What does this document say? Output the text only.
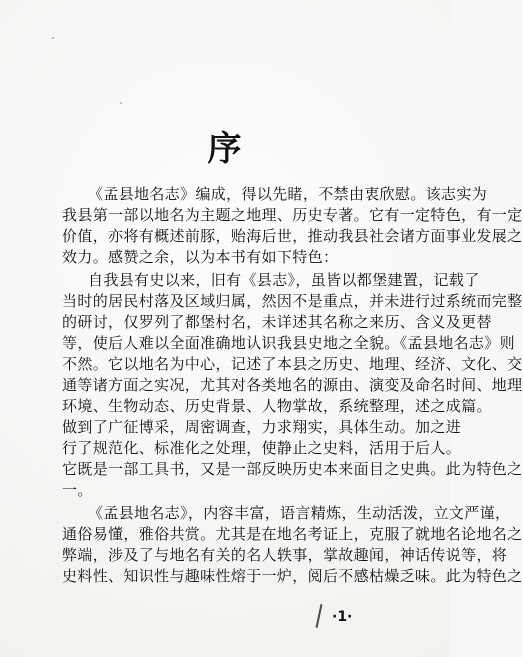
序
《孟县地名志》编成，得以先睹，不禁由衷欣慰。该志实为
我县第一部以地名为主题之地理、历史专著。它有一定特色，有一定
价值，亦将有概述前豚，贻海后世，推动我县社会诸方面事业发展之
效力。感赞之余，以为本书有如下特色：
自我县有史以来，旧有《县志》，虽皆以都堡建置，记载了
当时的居民村落及区域归属，然因不是重点，并未进行过系统而完整
的研讨，仅罗列了都堡村名，未详述其名称之来历、含义及更替
等，使后人难以全面准确地认识我县史地之全貌。《孟县地名志》则
不然。它以地名为中心，记述了本县之历史、地理、经济、文化、交
通等诸方面之实况，尤其对各类地名的源由、演变及命名时间、地理
环境、生物动态、历史背景、人物掌故，系统整理，述之成篇。
做到了广征博采，周密调查，力求翔实，具体生动。加之进
行了规范化、标准化之处理，使静止之史料，活用于后人。
它既是一部工具书，又是一部反映历史本来面目之史典。此为特色之
一。
《孟县地名志》，内容丰富，语言精炼，生动活泼，立文严谨，
通俗易懂，雅俗共赏。尤其是在地名考证上，克服了就地名论地名之
弊端，涉及了与地名有关的名人轶事，掌故趣闻，神话传说等，将
史料性、知识性与趣味性熔于一炉，阅后不感枯燥乏味。此为特色之
·1·
